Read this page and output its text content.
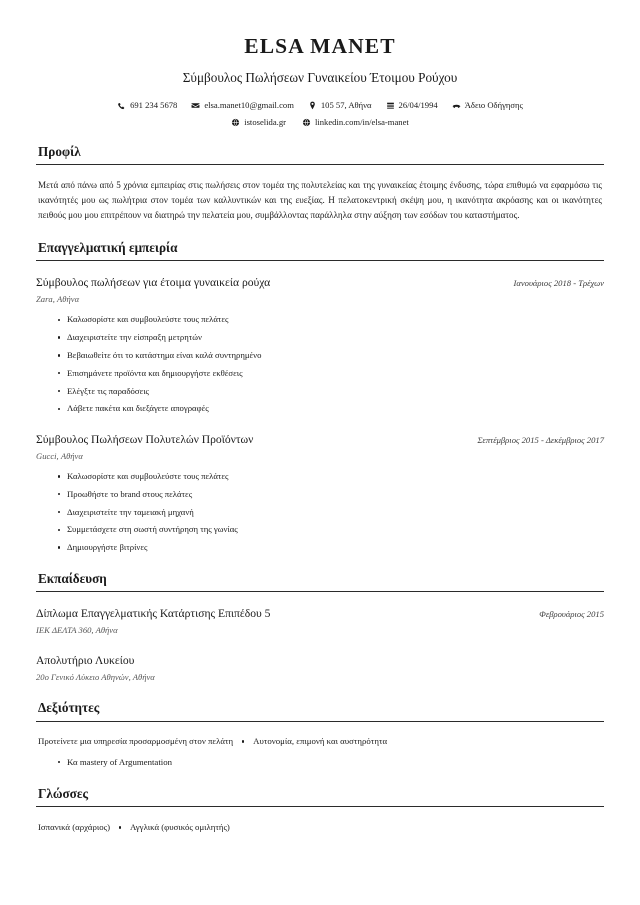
ELSA MANET
Σύμβουλος Πωλήσεων Γυναικείου Έτοιμου Ρούχου
691 234 5678	elsa.manet10@gmail.com	105 57, Αθήνα	26/04/1994	Άδειο Οδήγησης
istoselida.gr	linkedin.com/in/elsa-manet
Προφίλ

Μετά από πάνω από 5 χρόνια εμπειρίας στις πωλήσεις στον τομέα της πολυτελείας και της γυναικείας έτοιμης ένδυσης, τώρα επιθυμώ να εφαρμόσω τις ικανότητές μου ως πωλήτρια στον τομέα των καλλυντικών και της ευεξίας. Η πελατοκεντρική σκέψη μου, η ικανότητα ακρόασης και οι ικανότητες πειθούς μου μου επιτρέπουν να διατηρώ την πελατεία μου, συμβάλλοντας παράλληλα στην αύξηση των εσόδων του καταστήματος.

Επαγγελματική εμπειρία
Σύμβουλος πωλήσεων για έτοιμα γυναικεία ρούχα	Ιανουάριος 2018 - Τρέχων
Zara, Αθήνα
Καλωσορίστε και συμβουλεύστε τους πελάτες
Διαχειριστείτε την είσπραξη μετρητών
Βεβαιωθείτε ότι το κατάστημα είναι καλά συντηρημένο
Επισημάνετε προϊόντα και δημιουργήστε εκθέσεις
Ελέγξτε τις παραδόσεις
Λάβετε πακέτα και διεξάγετε απογραφές
Σύμβουλος Πωλήσεων Πολυτελών Προϊόντων	Σεπτέμβριος 2015 - Δεκέμβριος 2017
Gucci, Αθήνα
Καλωσορίστε και συμβουλεύστε τους πελάτες
Προωθήστε το brand στους πελάτες
Διαχειριστείτε την ταμειακή μηχανή
Συμμετάσχετε στη σωστή συντήρηση της γωνίας
Δημιουργήστε βιτρίνες
Εκπαίδευση
Δίπλωμα Επαγγελματικής Κατάρτισης Επιπέδου 5	Φεβρουάριος 2015
IEK ΔΕΛΤΑ 360, Αθήνα
Απολυτήριο Λυκείου
20ο Γενικό Λύκειο Αθηνών, Αθήνα
Δεξιότητες
Προτείνετε μια υπηρεσία προσαρμοσμένη στον πελάτη Αυτονομία, επιμονή και αυστηρότητα
Κα mastery of Argumentation
Γλώσσες
Ισπανικά (αρχάριος) Αγγλικά (φυσικός ομιλητής)
